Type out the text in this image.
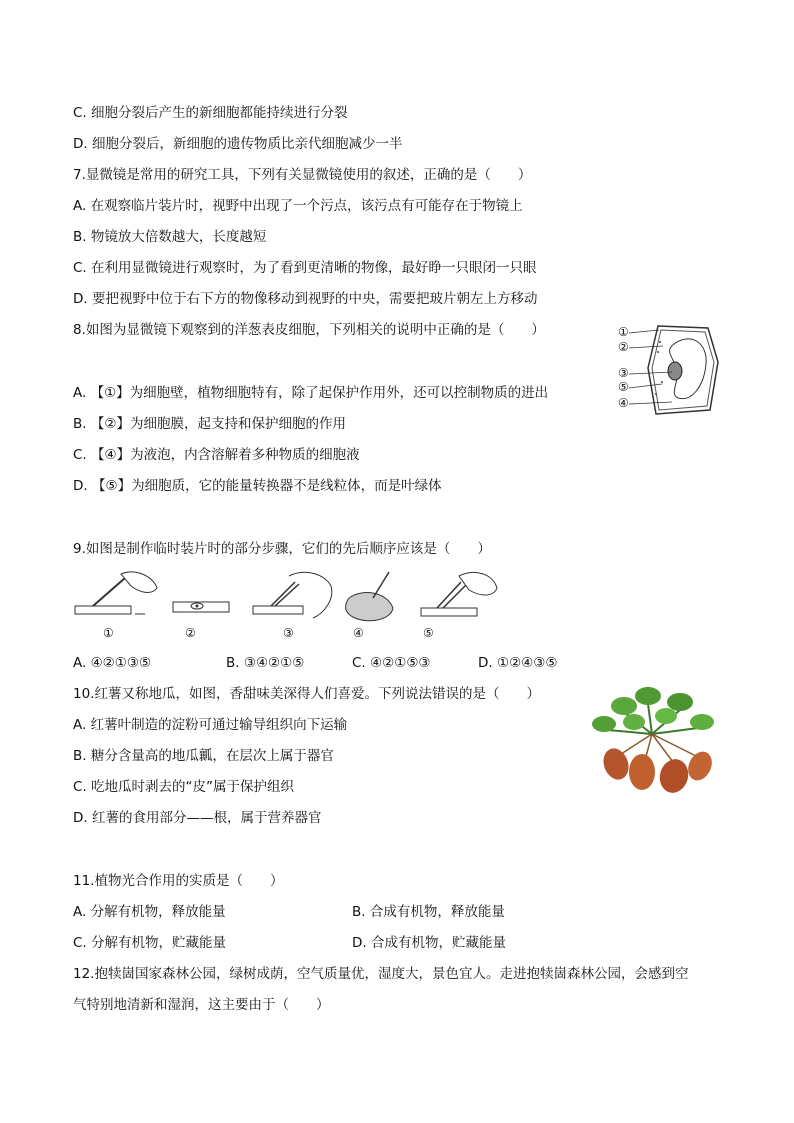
C. 细胞分裂后产生的新细胞都能持续进行分裂
D. 细胞分裂后，新细胞的遗传物质比亲代细胞减少一半
7.显微镜是常用的研究工具，下列有关显微镜使用的叙述，正确的是（　　）
A. 在观察临片装片时，视野中出现了一个污点，该污点有可能存在于物镜上
B. 物镜放大倍数越大，长度越短
C. 在利用显微镜进行观察时，为了看到更清晰的物像，最好睁一只眼闭一只眼
D. 要把视野中位于右下方的物像移动到视野的中央，需要把玻片朝左上方移动
8.如图为显微镜下观察到的洋葱表皮细胞，下列相关的说明中正确的是（　　）
A. 【①】为细胞壁，植物细胞特有，除了起保护作用外，还可以控制物质的进出
B. 【②】为细胞膜，起支持和保护细胞的作用
C. 【④】为液泡，内含溶解着多种物质的细胞液
D. 【⑤】为细胞质，它的能量转换器不是线粒体，而是叶绿体
①
②
③
⑤
④
9.如图是制作临时装片时的部分步骤，它们的先后顺序应该是（　　）
①	②	③	④	⑤
A. ④②①③⑤	B. ③④②①⑤	C. ④②①⑤③	D. ①②④③⑤
10.红薯又称地瓜，如图，香甜味美深得人们喜爱。下列说法错误的是（　　）
A. 红薯叶制造的淀粉可通过输导组织向下运输
B. 糖分含量高的地瓜瓤，在层次上属于器官
C. 吃地瓜时剥去的“皮”属于保护组织
D. 红薯的食用部分——根，属于营养器官
11.植物光合作用的实质是（　　）
A. 分解有机物，释放能量	B. 合成有机物，释放能量
C. 分解有机物，贮藏能量	D. 合成有机物，贮藏能量
12.抱犊崮国家森林公园，绿树成荫，空气质量优，湿度大，景色宜人。走进抱犊崮森林公园，会感到空
气特别地清新和湿润，这主要由于（　　）
